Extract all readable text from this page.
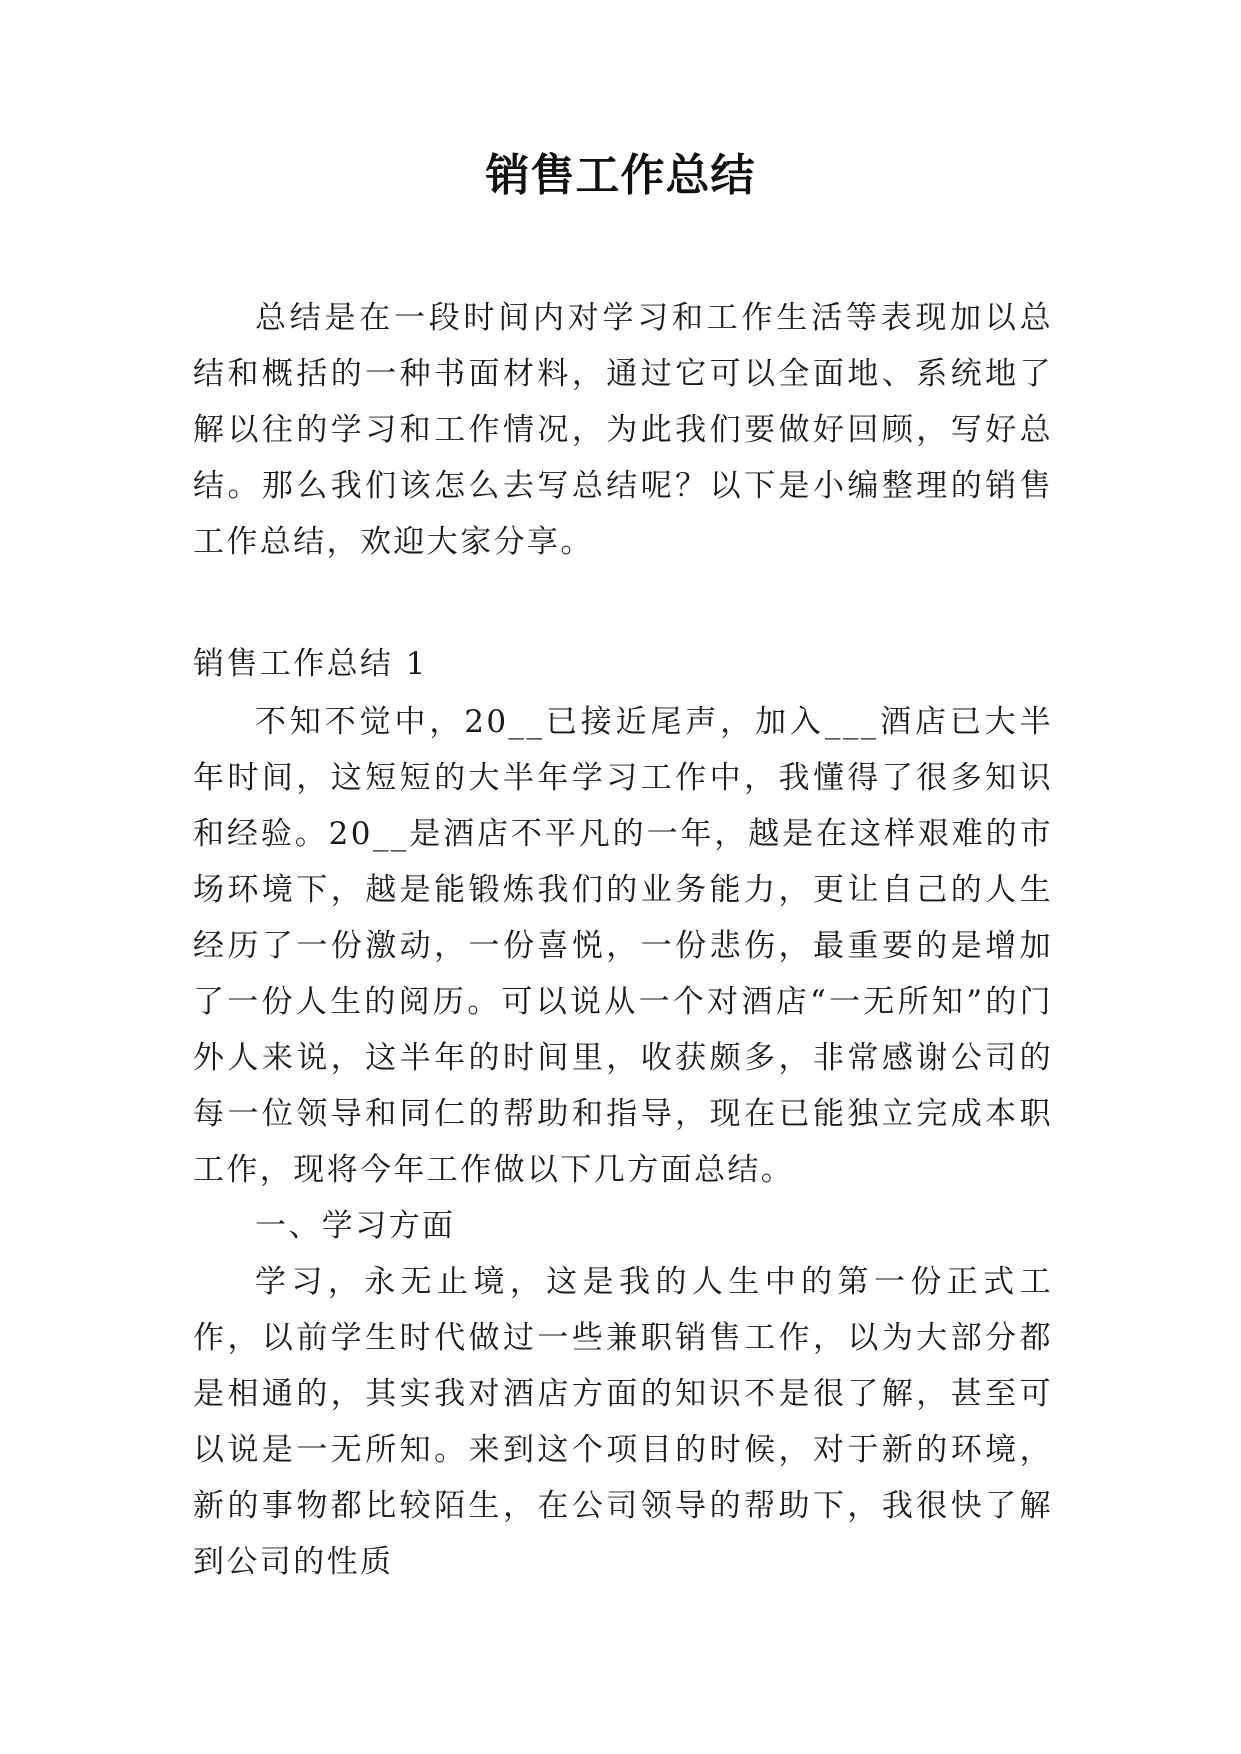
销售工作总结

总结是在一段时间内对学习和工作生活等表现加以总结和概括的一种书面材料，通过它可以全面地、系统地了解以往的学习和工作情况，为此我们要做好回顾，写好总结。那么我们该怎么去写总结呢？以下是小编整理的销售工作总结，欢迎大家分享。

销售工作总结 1

不知不觉中，20__已接近尾声，加入___酒店已大半年时间，这短短的大半年学习工作中，我懂得了很多知识和经验。20__是酒店不平凡的一年，越是在这样艰难的市场环境下，越是能锻炼我们的业务能力，更让自己的人生经历了一份激动，一份喜悦，一份悲伤，最重要的是增加了一份人生的阅历。可以说从一个对酒店“一无所知”的门外人来说，这半年的时间里，收获颇多，非常感谢公司的每一位领导和同仁的帮助和指导，现在已能独立完成本职工作，现将今年工作做以下几方面总结。

一、学习方面

学习，永无止境，这是我的人生中的第一份正式工作，以前学生时代做过一些兼职销售工作，以为大部分都是相通的，其实我对酒店方面的知识不是很了解，甚至可以说是一无所知。来到这个项目的时候，对于新的环境，新的事物都比较陌生，在公司领导的帮助下，我很快了解到公司的性质
